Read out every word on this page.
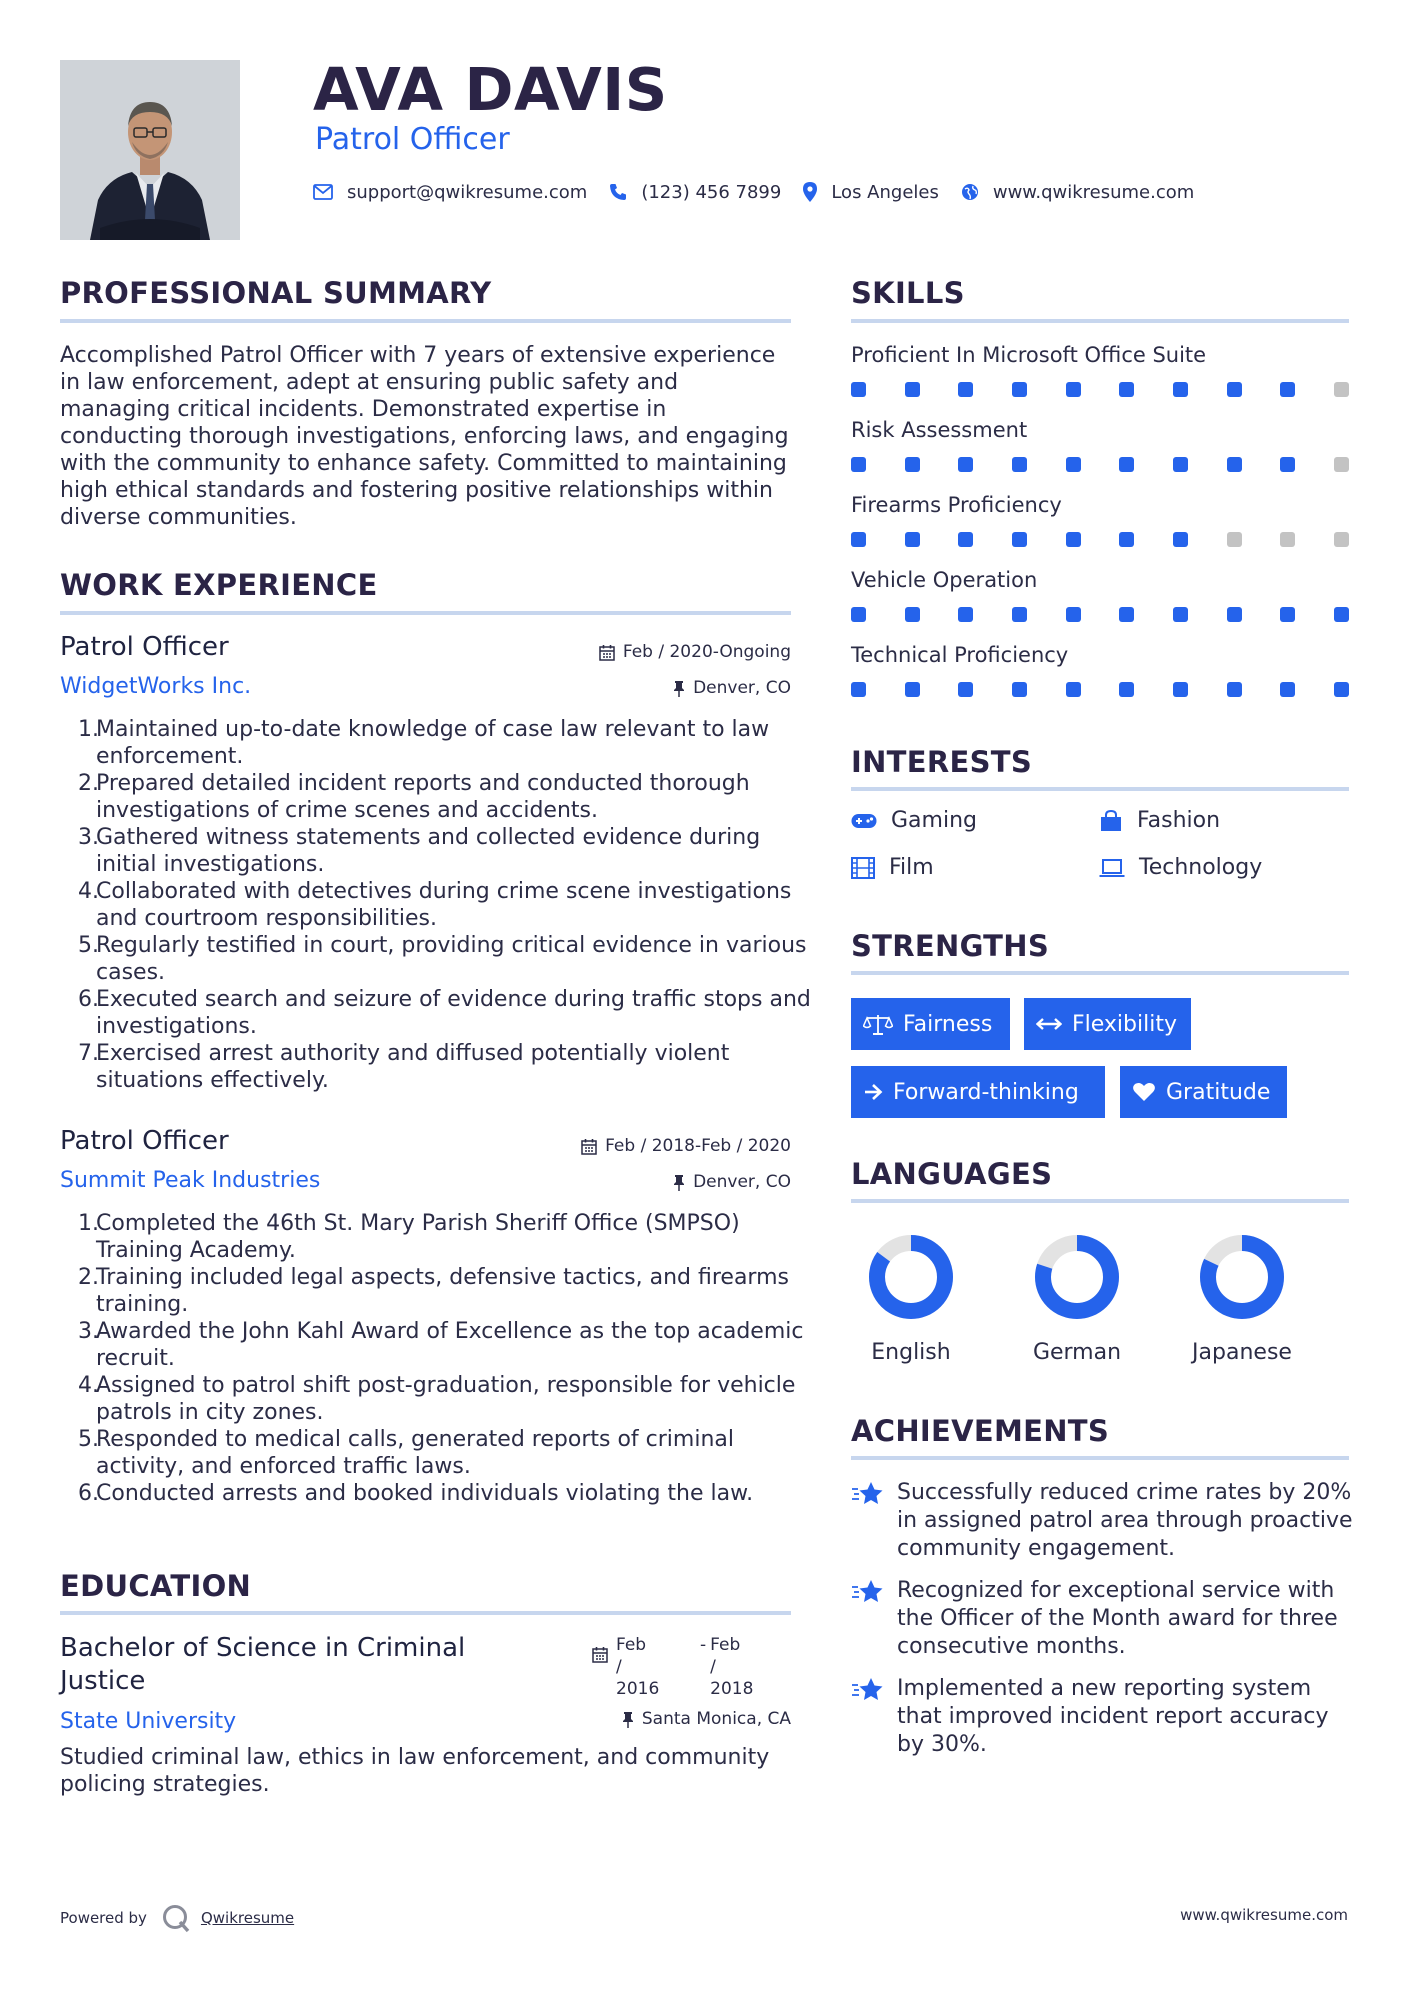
AVA DAVIS
Patrol Officer
support@qwikresume.com	(123) 456 7899	Los Angeles	www.qwikresume.com
PROFESSIONAL SUMMARY
Accomplished Patrol Officer with 7 years of extensive experience in law enforcement, adept at ensuring public safety and managing critical incidents. Demonstrated expertise in conducting thorough investigations, enforcing laws, and engaging with the community to enhance safety. Committed to maintaining high ethical standards and fostering positive relationships within diverse communities.
WORK EXPERIENCE
Patrol Officer	Feb / 2020-Ongoing
WidgetWorks Inc.	Denver, CO
Maintained up-to-date knowledge of case law relevant to law enforcement.
Prepared detailed incident reports and conducted thorough investigations of crime scenes and accidents.
Gathered witness statements and collected evidence during initial investigations.
Collaborated with detectives during crime scene investigations and courtroom responsibilities.
Regularly testified in court, providing critical evidence in various cases.
Executed search and seizure of evidence during traffic stops and investigations.
Exercised arrest authority and diffused potentially violent situations effectively.
Patrol Officer	Feb / 2018-Feb / 2020
Summit Peak Industries	Denver, CO
Completed the 46th St. Mary Parish Sheriff Office (SMPSO) Training Academy.
Training included legal aspects, defensive tactics, and firearms training.
Awarded the John Kahl Award of Excellence as the top academic recruit.
Assigned to patrol shift post-graduation, responsible for vehicle patrols in city zones.
Responded to medical calls, generated reports of criminal activity, and enforced traffic laws.
Conducted arrests and booked individuals violating the law.
EDUCATION
Bachelor of Science in Criminal Justice
Feb / 2016
- Feb / 2018
State University	Santa Monica, CA
Studied criminal law, ethics in law enforcement, and community policing strategies.
SKILLS
Proficient In Microsoft Office Suite
Risk Assessment
Firearms Proficiency
Vehicle Operation
Technical Proficiency
INTERESTS
Gaming	Fashion
Film	Technology
STRENGTHS
Fairness	Flexibility
Forward-thinking	Gratitude
LANGUAGES
English	German	Japanese
ACHIEVEMENTS
Successfully reduced crime rates by 20% in assigned patrol area through proactive community engagement.
Recognized for exceptional service with the Officer of the Month award for three consecutive months.
Implemented a new reporting system that improved incident report accuracy by 30%.
Powered by	Qwikresume	www.qwikresume.com
